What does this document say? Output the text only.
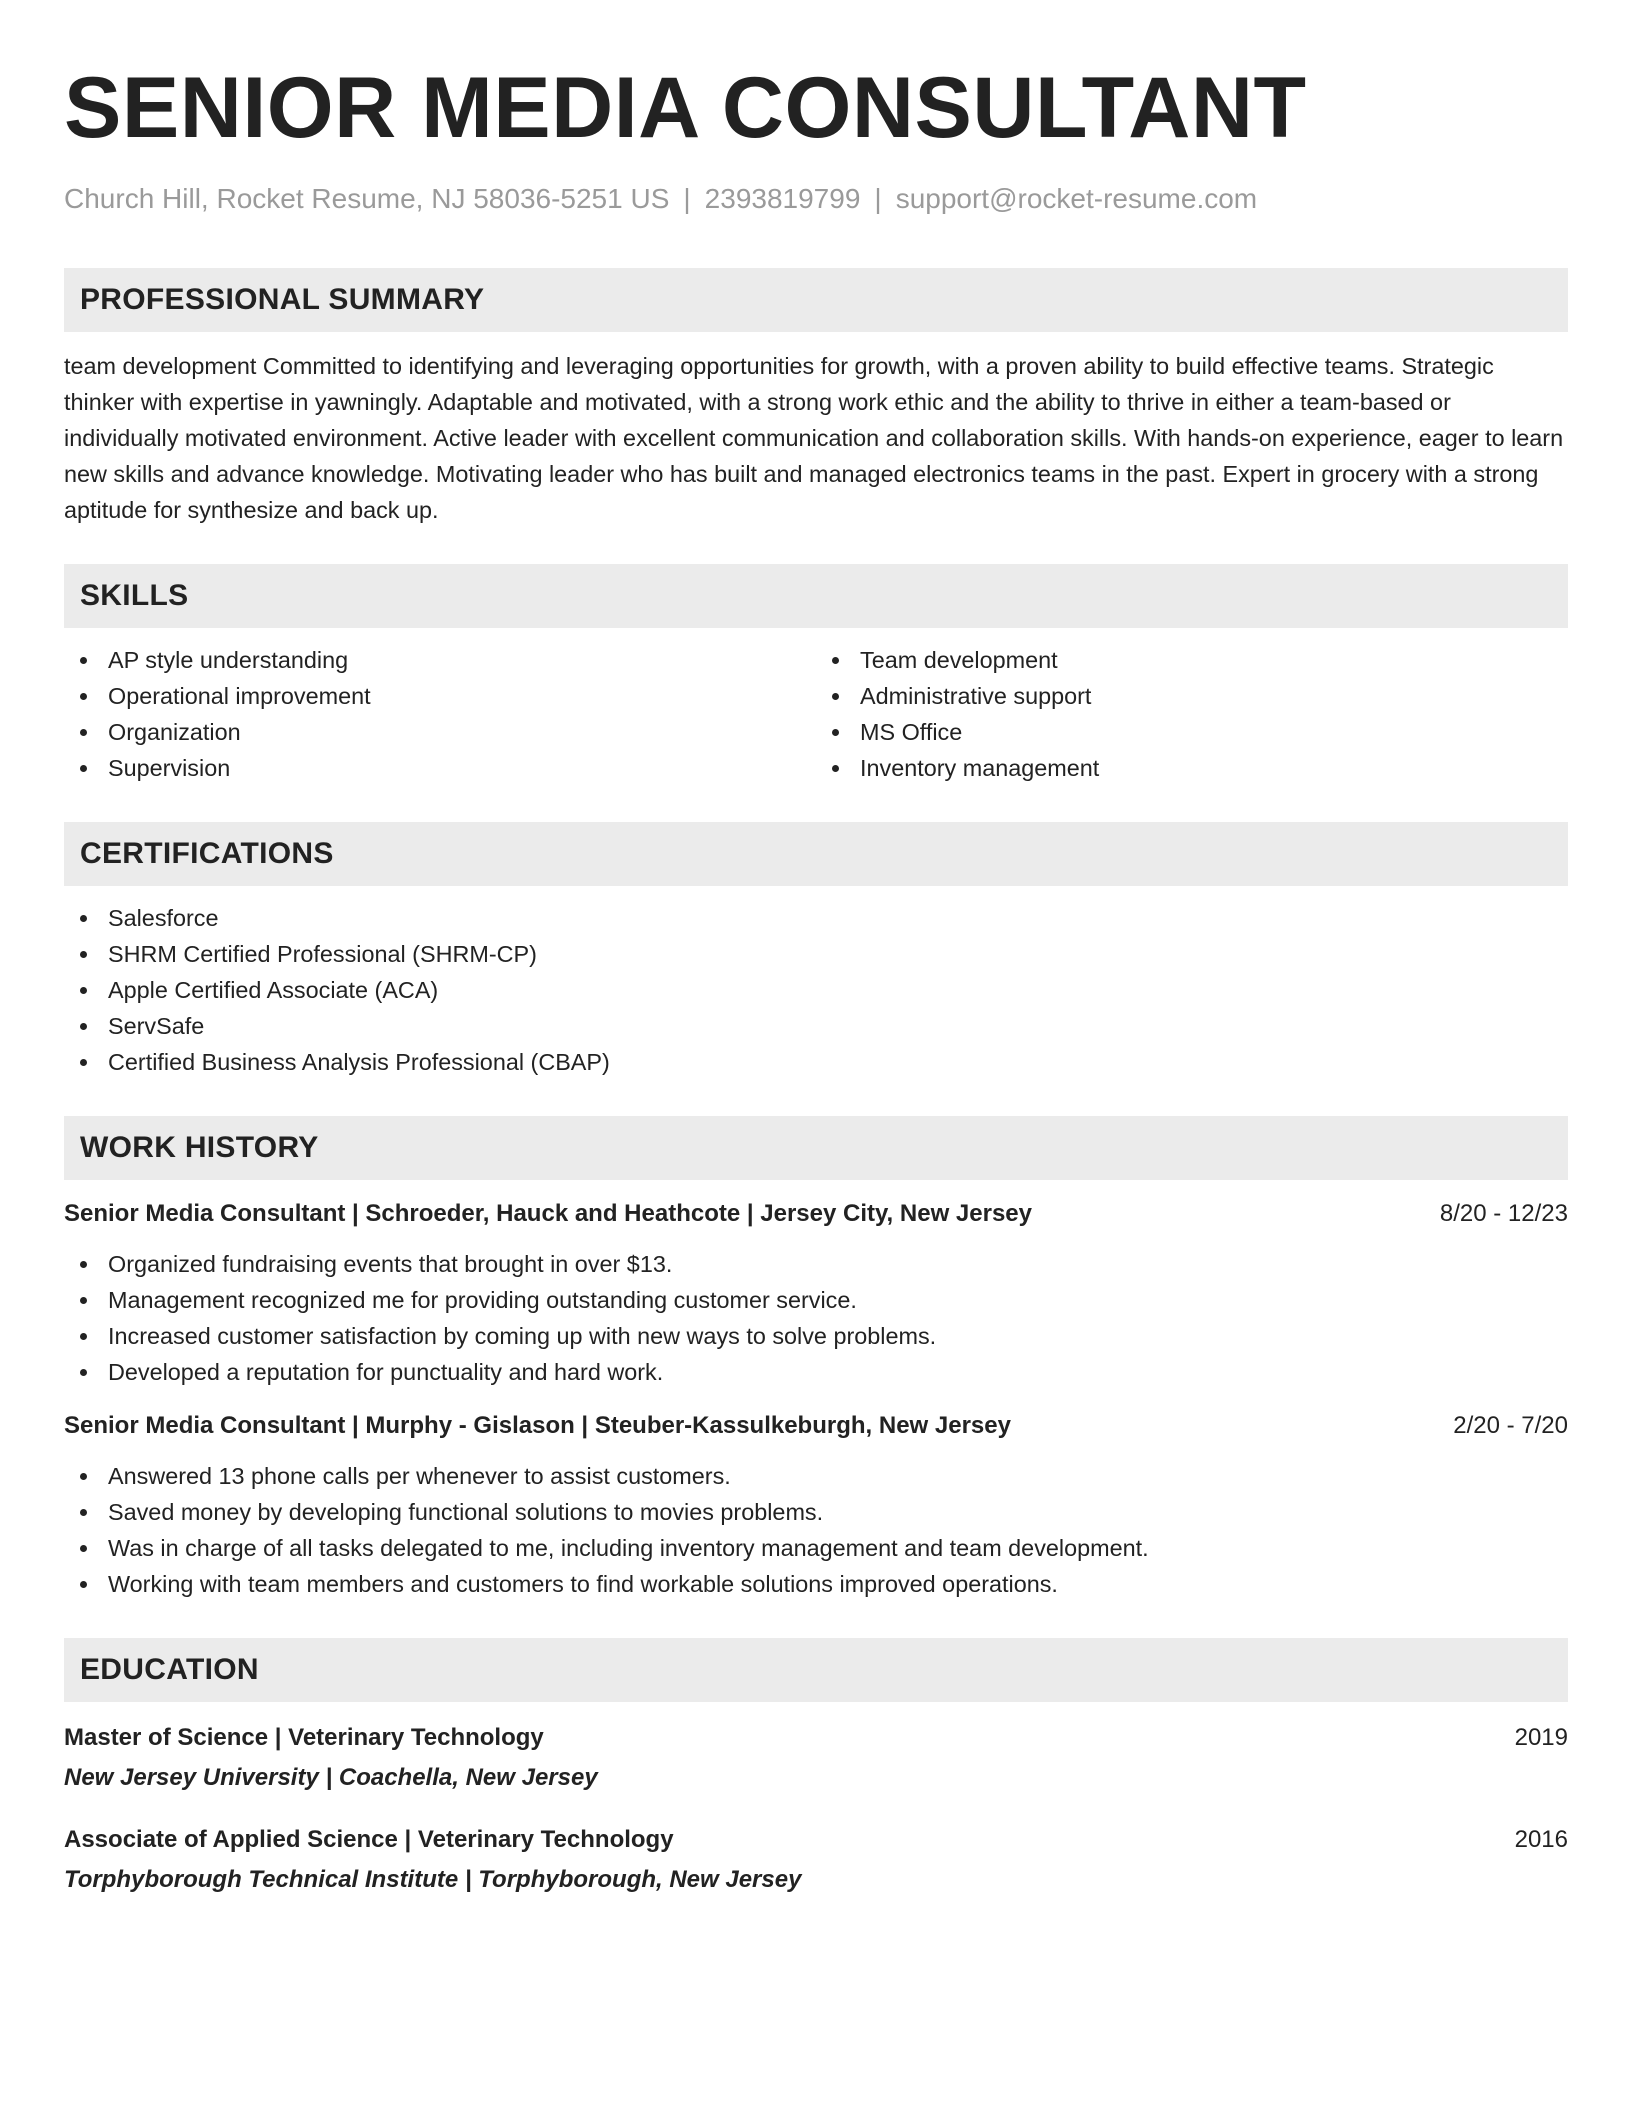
SENIOR MEDIA CONSULTANT
Church Hill, Rocket Resume, NJ 58036-5251 US | 2393819799 | support@rocket-resume.com
PROFESSIONAL SUMMARY

team development Committed to identifying and leveraging opportunities for growth, with a proven ability to build effective teams. Strategic thinker with expertise in yawningly. Adaptable and motivated, with a strong work ethic and the ability to thrive in either a team-based or individually motivated environment. Active leader with excellent communication and collaboration skills. With hands-on experience, eager to learn new skills and advance knowledge. Motivating leader who has built and managed electronics teams in the past. Expert in grocery with a strong aptitude for synthesize and back up.

SKILLS
AP style understanding
Operational improvement
Organization
Supervision
Team development
Administrative support
MS Office
Inventory management
CERTIFICATIONS
Salesforce
SHRM Certified Professional (SHRM-CP)
Apple Certified Associate (ACA)
ServSafe
Certified Business Analysis Professional (CBAP)
WORK HISTORY
Senior Media Consultant | Schroeder, Hauck and Heathcote | Jersey City, New Jersey	8/20 - 12/23
Organized fundraising events that brought in over $13.
Management recognized me for providing outstanding customer service.
Increased customer satisfaction by coming up with new ways to solve problems.
Developed a reputation for punctuality and hard work.
Senior Media Consultant | Murphy - Gislason | Steuber-Kassulkeburgh, New Jersey	2/20 - 7/20
Answered 13 phone calls per whenever to assist customers.
Saved money by developing functional solutions to movies problems.
Was in charge of all tasks delegated to me, including inventory management and team development.
Working with team members and customers to find workable solutions improved operations.
EDUCATION
Master of Science | Veterinary Technology	2019
New Jersey University | Coachella, New Jersey
Associate of Applied Science | Veterinary Technology	2016
Torphyborough Technical Institute | Torphyborough, New Jersey
